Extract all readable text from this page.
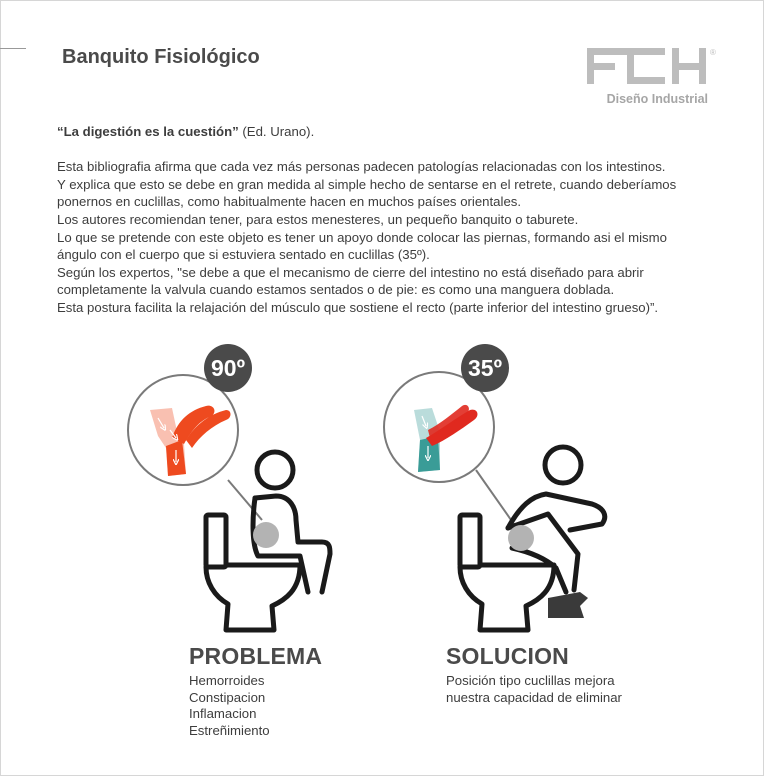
Banquito Fisiológico	®
Diseño Industrial

“La digestión es la cuestión” (Ed. Urano).

Esta bibliografia afirma que cada vez más personas padecen patologías relacionadas con los intestinos.

Y explica que esto se debe en gran medida al simple hecho de sentarse en el retrete, cuando deberíamos

ponernos en cuclillas, como habitualmente hacen en muchos países orientales.

Los autores recomiendan tener, para estos menesteres, un pequeño banquito o taburete.

Lo que se pretende con este objeto es tener un apoyo donde colocar las piernas, formando asi el mismo

ángulo con el cuerpo que si estuviera sentado en cuclillas (35º).

Según los expertos, "se debe a que el mecanismo de cierre del intestino no está diseñado para abrir

completamente la valvula cuando estamos sentados o de pie: es como una manguera doblada.

Esta postura facilita la relajación del músculo que sostiene el recto (parte inferior del intestino grueso)”.

90º	35º
PROBLEMA
Hemorroides
Constipacion
Inflamacion
Estreñimiento
SOLUCION
Posición tipo cuclillas mejora
nuestra capacidad de eliminar
